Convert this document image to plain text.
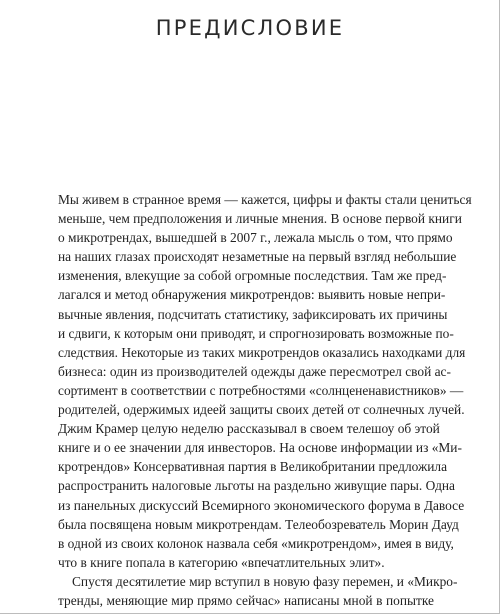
ПРЕДИСЛОВИЕ
Мы живем в странное время — кажется, цифры и факты стали цениться
меньше, чем предположения и личные мнения. В основе первой книги
о микротрендах, вышедшей в 2007 г., лежала мысль о том, что прямо
на наших глазах происходят незаметные на первый взгляд небольшие
изменения, влекущие за собой огромные последствия. Там же пред-
лагался и метод обнаружения микротрендов: выявить новые непри-
вычные явления, подсчитать статистику, зафиксировать их причины
и сдвиги, к которым они приводят, и спрогнозировать возможные по-
следствия. Некоторые из таких микротрендов оказались находками для
бизнеса: один из производителей одежды даже пересмотрел свой ас-
сортимент в соответствии с потребностями «солнцененавистников» —
родителей, одержимых идеей защиты своих детей от солнечных лучей.
Джим Крамер целую неделю рассказывал в своем телешоу об этой
книге и о ее значении для инвесторов. На основе информации из «Ми-
кротрендов» Консервативная партия в Великобритании предложила
распространить налоговые льготы на раздельно живущие пары. Одна
из панельных дискуссий Всемирного экономического форума в Давосе
была посвящена новым микротрендам. Телеобозреватель Морин Дауд
в одной из своих колонок назвала себя «микротрендом», имея в виду,
что в книге попала в категорию «впечатлительных элит».
Спустя десятилетие мир вступил в новую фазу перемен, и «Микро-
тренды, меняющие мир прямо сейчас» написаны мной в попытке
